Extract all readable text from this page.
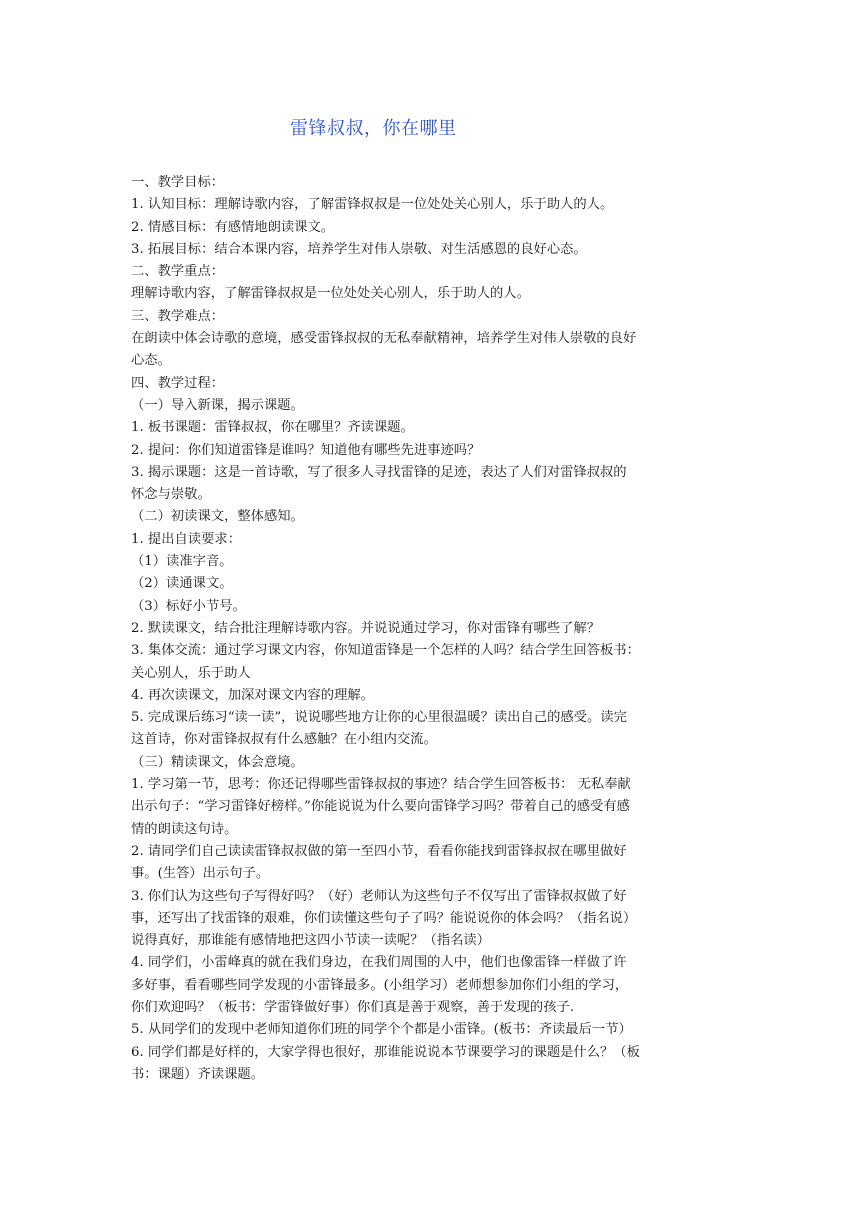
雷锋叔叔，你在哪里

一、教学目标：

1. 认知目标：理解诗歌内容，了解雷锋叔叔是一位处处关心别人，乐于助人的人。

2. 情感目标：有感情地朗读课文。

3. 拓展目标：结合本课内容，培养学生对伟人崇敬、对生活感恩的良好心态。

二、教学重点：

理解诗歌内容，了解雷锋叔叔是一位处处关心别人，乐于助人的人。

三、教学难点：

在朗读中体会诗歌的意境，感受雷锋叔叔的无私奉献精神，培养学生对伟人崇敬的良好

心态。

四、教学过程：

（一）导入新课，揭示课题。

1. 板书课题：雷锋叔叔，你在哪里？齐读课题。

2. 提问：你们知道雷锋是谁吗？知道他有哪些先进事迹吗？

3. 揭示课题：这是一首诗歌，写了很多人寻找雷锋的足迹，表达了人们对雷锋叔叔的

怀念与崇敬。

（二）初读课文，整体感知。

1. 提出自读要求：

（1）读准字音。

（2）读通课文。

（3）标好小节号。

2. 默读课文，结合批注理解诗歌内容。并说说通过学习，你对雷锋有哪些了解？

3. 集体交流：通过学习课文内容，你知道雷锋是一个怎样的人吗？结合学生回答板书：

关心别人，乐于助人

4. 再次读课文，加深对课文内容的理解。

5. 完成课后练习“读一读”，说说哪些地方让你的心里很温暖？读出自己的感受。读完

这首诗，你对雷锋叔叔有什么感触？在小组内交流。

（三）精读课文，体会意境。

1. 学习第一节，思考：你还记得哪些雷锋叔叔的事迹？结合学生回答板书： 无私奉献

出示句子：“学习雷锋好榜样。”你能说说为什么要向雷锋学习吗？带着自己的感受有感

情的朗读这句诗。

2. 请同学们自己读读雷锋叔叔做的第一至四小节，看看你能找到雷锋叔叔在哪里做好

事。(生答）出示句子。

3. 你们认为这些句子写得好吗？（好）老师认为这些句子不仅写出了雷锋叔叔做了好

事，还写出了找雷锋的艰难，你们读懂这些句子了吗？能说说你的体会吗？（指名说）

说得真好，那谁能有感情地把这四小节读一读呢？（指名读）

4. 同学们，小雷峰真的就在我们身边，在我们周围的人中，他们也像雷锋一样做了许

多好事，看看哪些同学发现的小雷锋最多。(小组学习）老师想参加你们小组的学习，

你们欢迎吗？（板书：学雷锋做好事）你们真是善于观察，善于发现的孩子.

5. 从同学们的发现中老师知道你们班的同学个个都是小雷锋。(板书：齐读最后一节）

6. 同学们都是好样的，大家学得也很好，那谁能说说本节课要学习的课题是什么？（板

书：课题）齐读课题。
